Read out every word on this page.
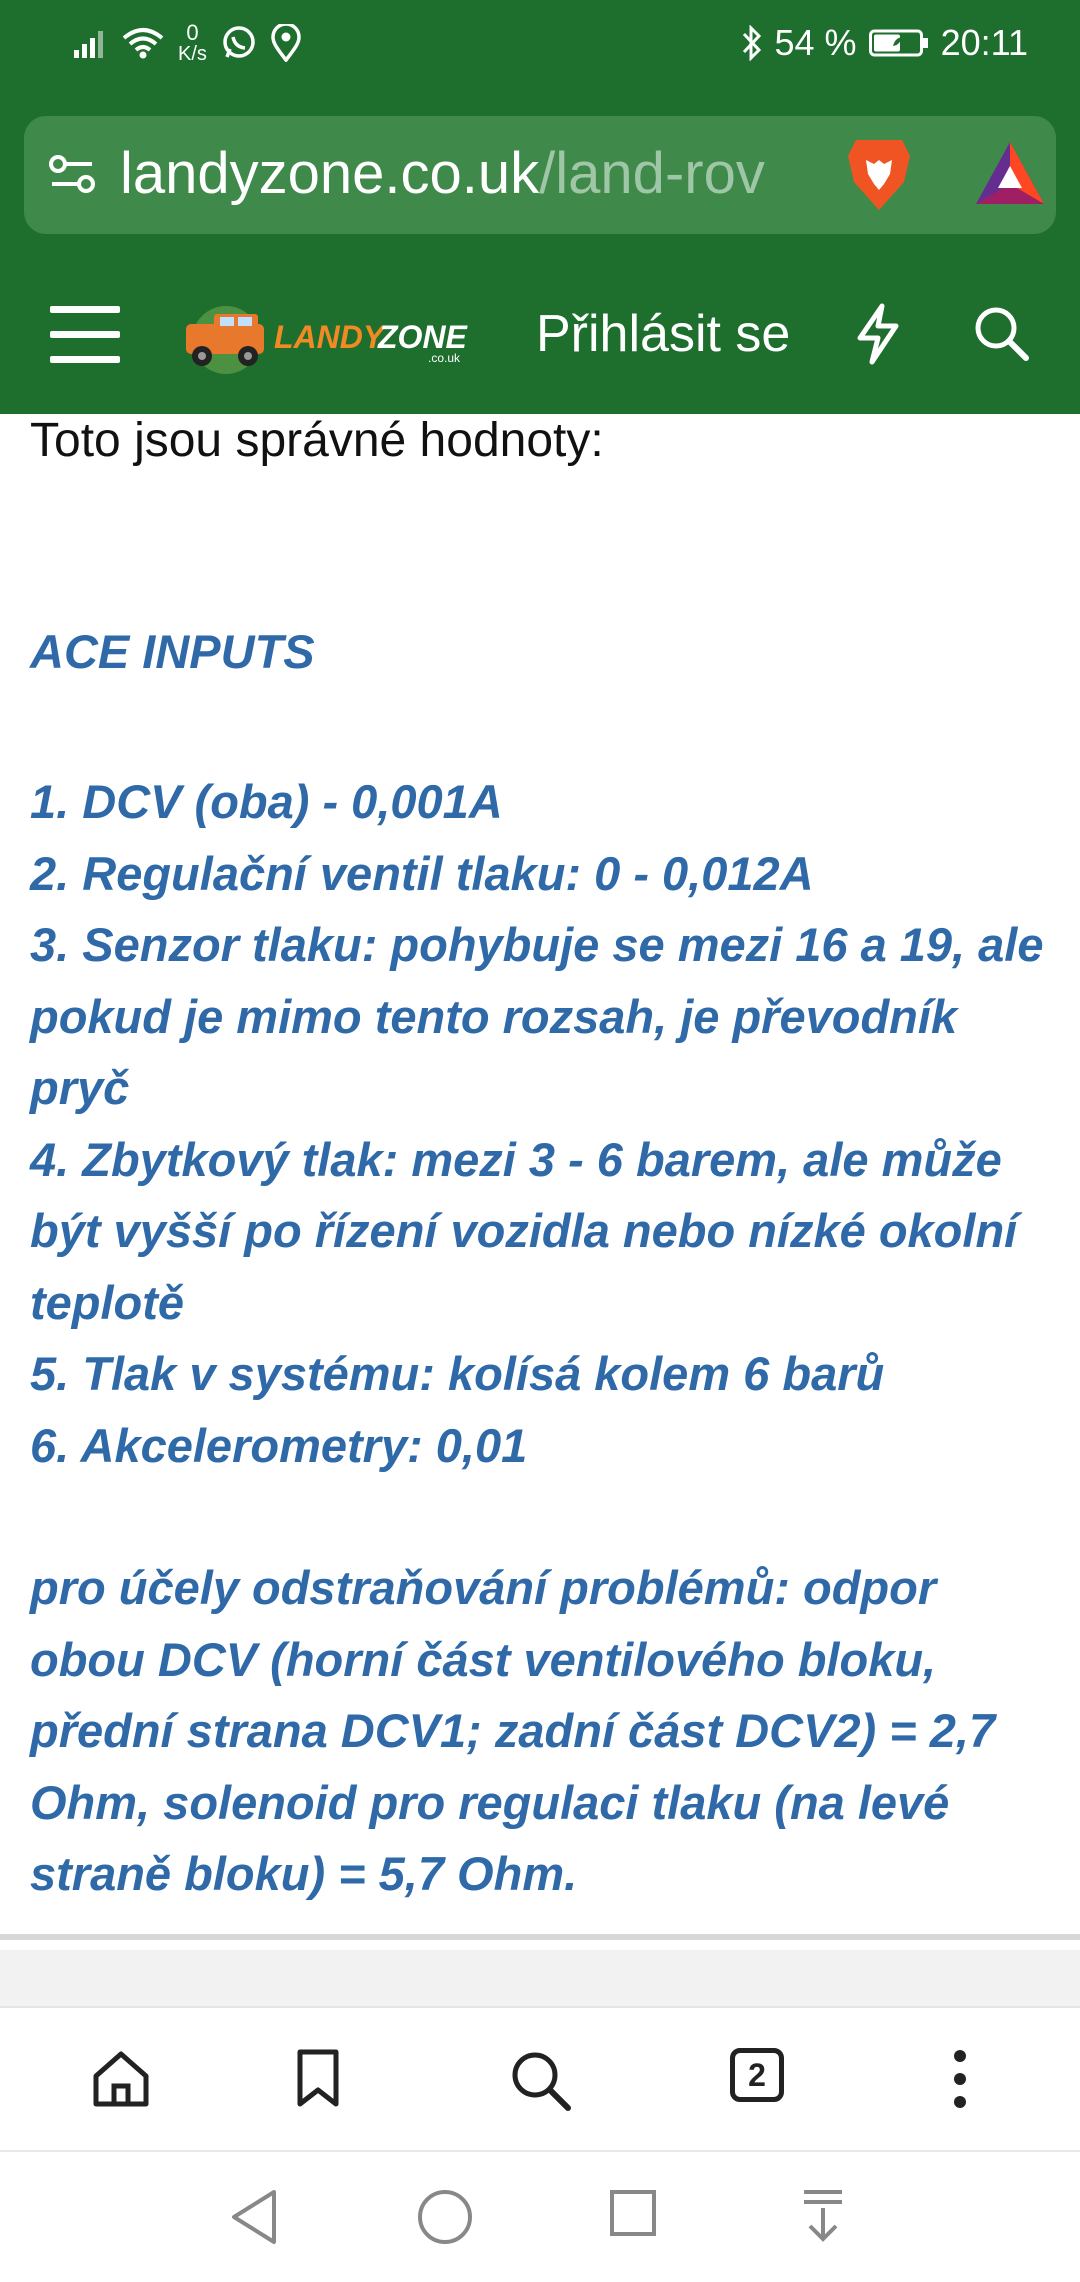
0
K/s	54 % 20:11
landyzone.co.uk/land-rov
LANDY
ZONE
.co.uk Přihlásit se
Toto jsou správné hodnoty:
ACE INPUTS
1. DCV (oba) - 0,001A
2. Regulační ventil tlaku: 0 - 0,012A
3. Senzor tlaku: pohybuje se mezi 16 a 19, ale pokud je mimo tento rozsah, je převodník pryč
4. Zbytkový tlak: mezi 3 - 6 barem, ale může být vyšší po řízení vozidla nebo nízké okolní teplotě
5. Tlak v systému: kolísá kolem 6 barů
6. Akcelerometry: 0,01
pro účely odstraňování problémů: odpor obou DCV (horní část ventilového bloku, přední strana DCV1; zadní část DCV2) = 2,7 Ohm, solenoid pro regulaci tlaku (na levé straně bloku) = 5,7 Ohm.
2
